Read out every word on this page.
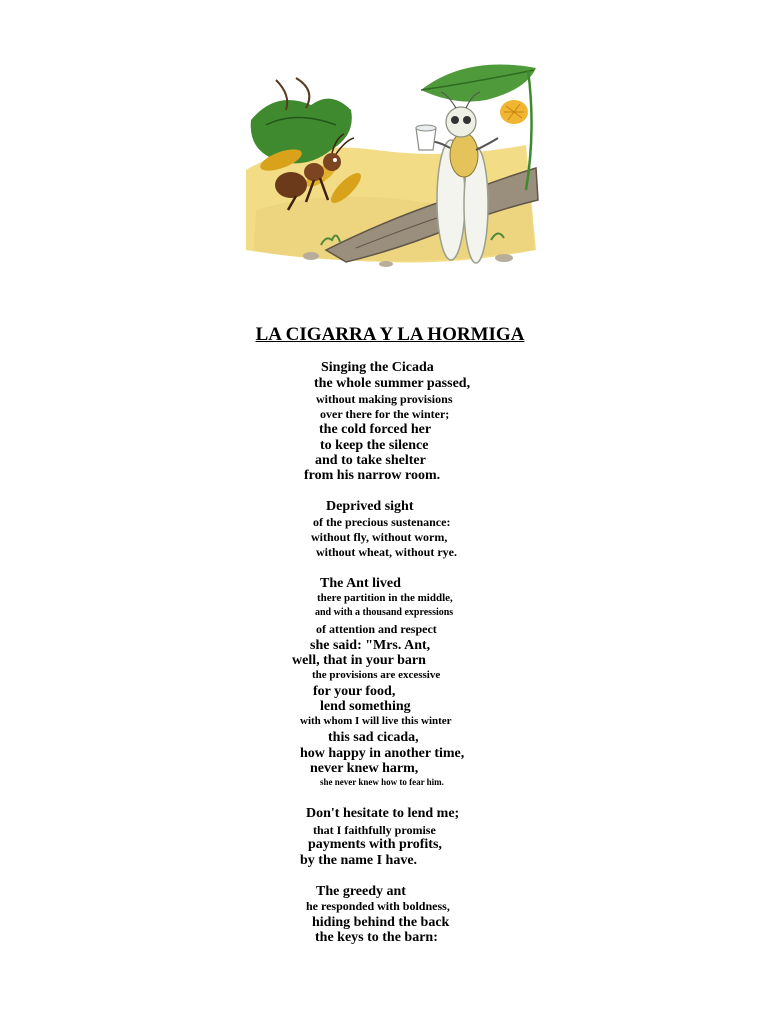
LA CIGARRA Y LA HORMIGA
Singing the Cicada
the whole summer passed,
without making provisions
over there for the winter;
the cold forced her
to keep the silence
and to take shelter
from his narrow room.
Deprived sight
of the precious sustenance:
without fly, without worm,
without wheat, without rye.
The Ant lived
there partition in the middle,
and with a thousand expressions
of attention and respect
she said: "Mrs. Ant,
well, that in your barn
the provisions are excessive
for your food,
lend something
with whom I will live this winter
this sad cicada,
how happy in another time,
never knew harm,
she never knew how to fear him.
Don't hesitate to lend me;
that I faithfully promise
payments with profits,
by the name I have.
The greedy ant
he responded with boldness,
hiding behind the back
the keys to the barn:
